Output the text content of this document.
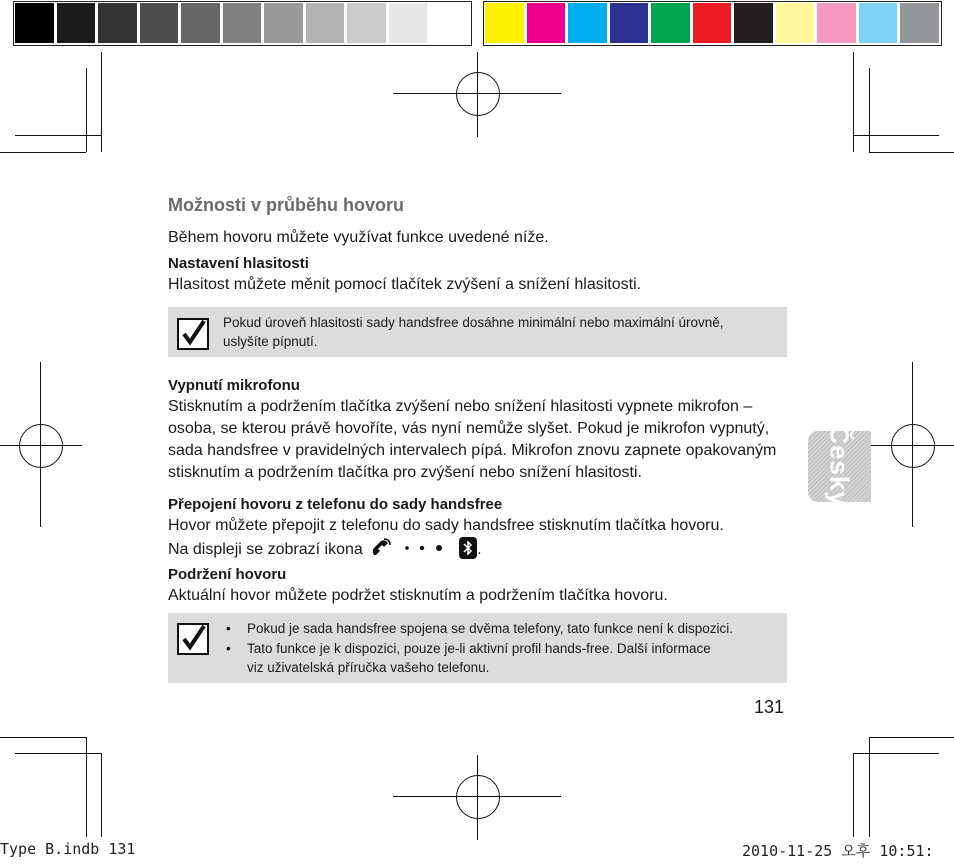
Možnosti v průběhu hovoru
Během hovoru můžete využívat funkce uvedené níže.
Nastavení hlasitosti
Hlasitost můžete měnit pomocí tlačítek zvýšení a snížení hlasitosti.
Pokud úroveň hlasitosti sady handsfree dosáhne minimální nebo maximální úrovně,
uslyšíte pípnutí.
Vypnutí mikrofonu
Stisknutím a podržením tlačítka zvýšení nebo snížení hlasitosti vypnete mikrofon –
osoba, se kterou právě hovoříte, vás nyní nemůže slyšet. Pokud je mikrofon vypnutý,
sada handsfree v pravidelných intervalech pípá. Mikrofon znovu zapnete opakovaným
stisknutím a podržením tlačítka pro zvýšení nebo snížení hlasitosti.
Přepojení hovoru z telefonu do sady handsfree
Hovor můžete přepojit z telefonu do sady handsfree stisknutím tlačítka hovoru.
Na displeji se zobrazí ikona	.
Podržení hovoru
Aktuální hovor můžete podržet stisknutím a podržením tlačítka hovoru.
• Pokud je sada handsfree spojena se dvěma telefony, tato funkce není k dispozici.
• Tato funkce je k dispozici, pouze je-li aktivní profil hands-free. Další informace
viz uživatelská příručka vašeho telefonu.
Česky
131
Type B.indb 131	2010-11-25 오후 10:51:
